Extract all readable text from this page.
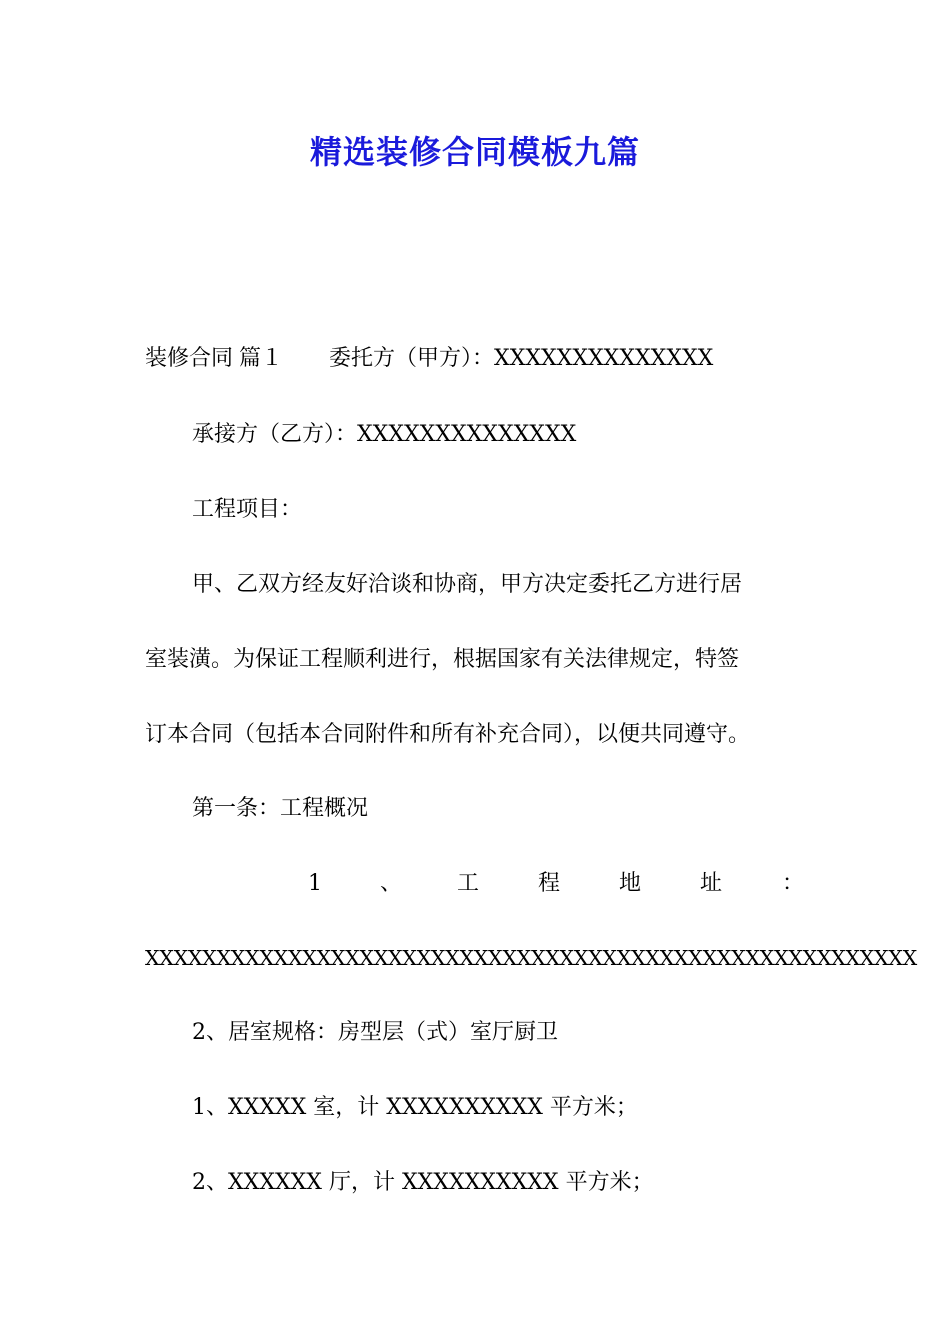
精选装修合同模板九篇
装修合同 篇１ 委托方（甲方）：XXXXXXXXXXXXXX
承接方（乙方）：XXXXXXXXXXXXXX
工程项目：
甲、乙双方经友好洽谈和协商，甲方决定委托乙方进行居
室装潢。为保证工程顺利进行，根据国家有关法律规定，特签
订本合同（包括本合同附件和所有补充合同），以便共同遵守。
第一条：工程概况
1	、 工	程	地	址	：
XXXXXXXXXXXXXXXXXXXXXXXXXXXXXXXXXXXXXXXXXXXXXXXXXXXXXX
2、居室规格：房型层（式）室厅厨卫
1、XXXXX 室，计 XXXXXXXXXX 平方米；
2、XXXXXX 厅，计 XXXXXXXXXX 平方米；
